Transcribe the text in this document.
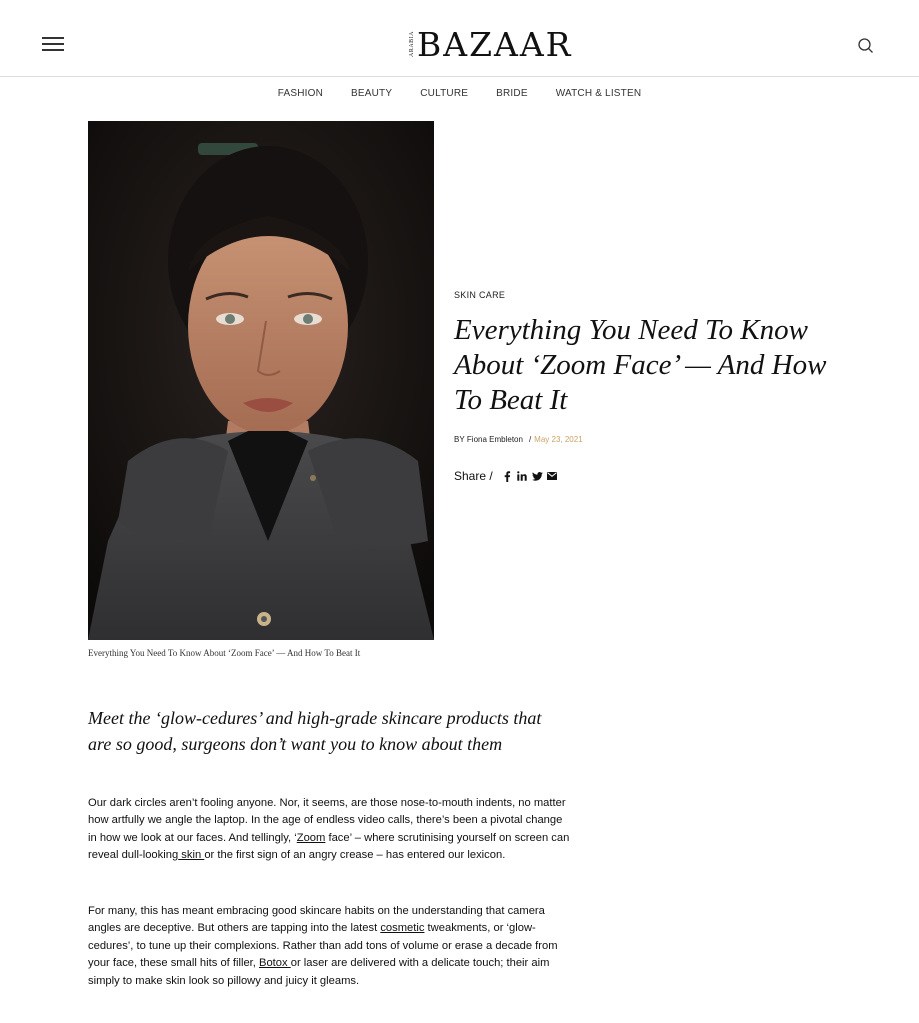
ARABIA BAZAAR
FASHION	BEAUTY	CULTURE	BRIDE	WATCH & LISTEN
Everything You Need To Know About ‘Zoom Face’ — And How To Beat It
SKIN CARE
Everything You Need To Know About ‘Zoom Face’ — And How To Beat It
BY
Fiona Embleton / May 23, 2021
Share /

Meet the ‘glow-cedures’ and high-grade skincare products that are so good, surgeons don’t want you to know about them

Our dark circles aren’t fooling anyone. Nor, it seems, are those nose-to-mouth indents, no matter how artfully we angle the laptop. In the age of endless video calls, there’s been a pivotal change in how we look at our faces. And tellingly, ‘Zoom face’ – where scrutinising yourself on screen can reveal dull-looking skin or the first sign of an angry crease – has entered our lexicon.

For many, this has meant embracing good skincare habits on the understanding that camera angles are deceptive. But others are tapping into the latest cosmetic tweakments, or ‘glow-cedures’, to tune up their complexions. Rather than add tons of volume or erase a decade from your face, these small hits of filler, Botox or laser are delivered with a delicate touch; their aim simply to make skin look so pillowy and juicy it gleams.
